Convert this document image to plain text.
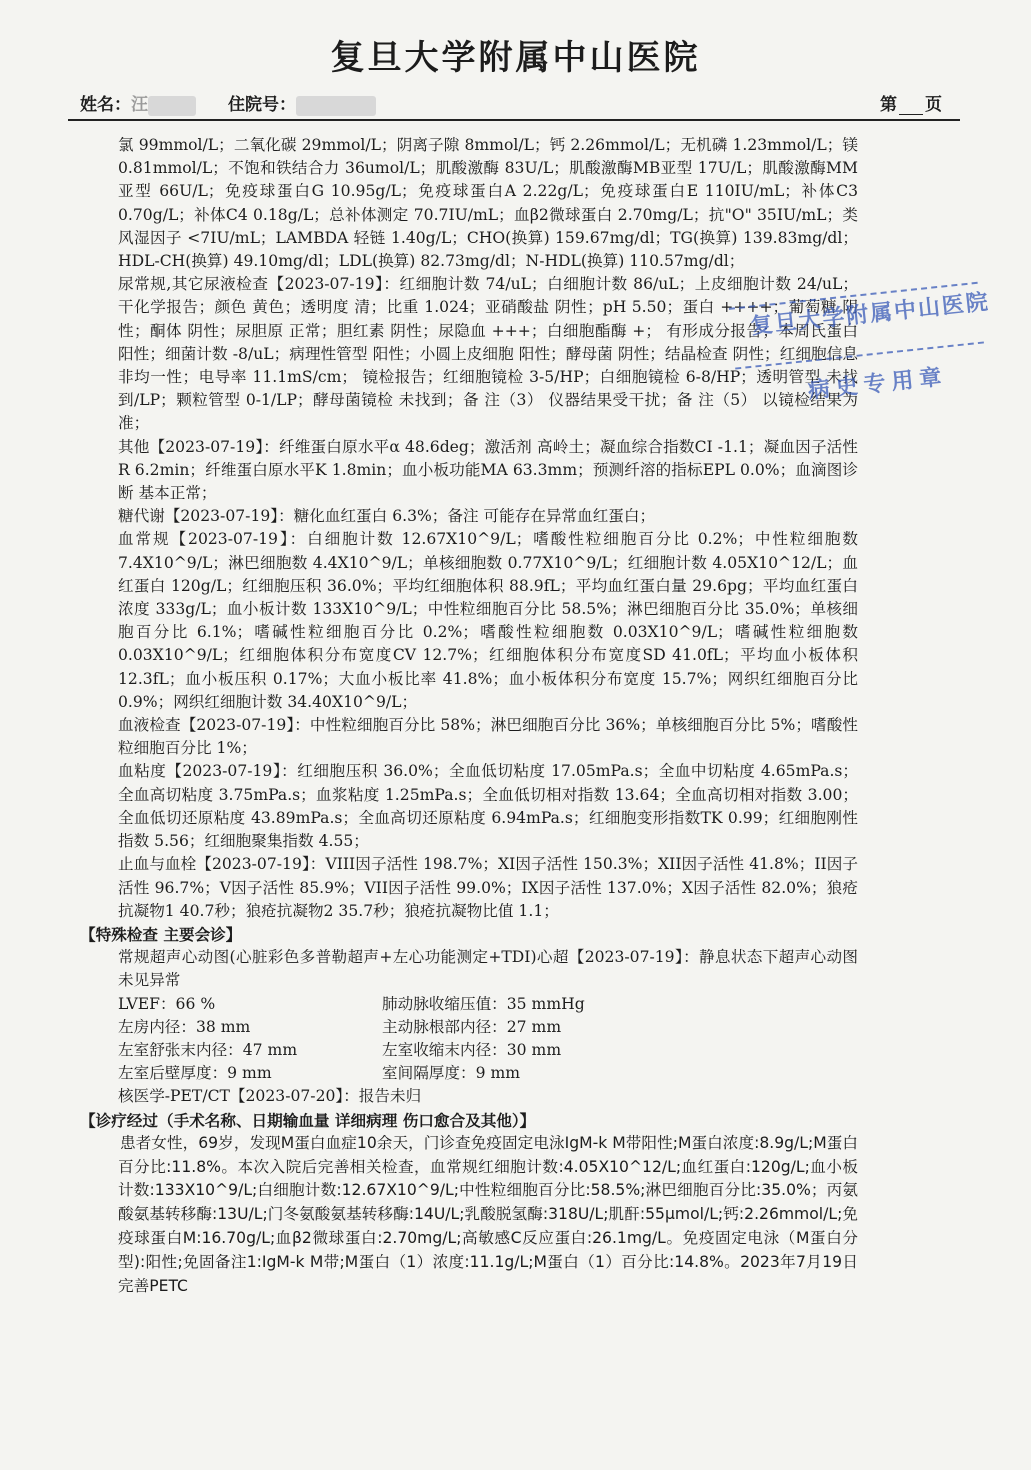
复旦大学附属中山医院
姓名：汪	住院号：	第 页

氯 99mmol/L；二氧化碳 29mmol/L；阴离子隙 8mmol/L；钙 2.26mmol/L；无机磷 1.23mmol/L；镁 0.81mmol/L；不饱和铁结合力 36umol/L；肌酸激酶 83U/L；肌酸激酶MB亚型 17U/L；肌酸激酶MM亚型 66U/L；免疫球蛋白G 10.95g/L；免疫球蛋白A 2.22g/L；免疫球蛋白E 110IU/mL；补体C3 0.70g/L；补体C4 0.18g/L；总补体测定 70.7IU/mL；血β2微球蛋白 2.70mg/L；抗"O" 35IU/mL；类风湿因子 <7IU/mL；LAMBDA 轻链 1.40g/L；CHO(换算) 159.67mg/dl；TG(换算) 139.83mg/dl；HDL-CH(换算) 49.10mg/dl；LDL(换算) 82.73mg/dl；N-HDL(换算) 110.57mg/dl；

尿常规,其它尿液检查【2023-07-19】：红细胞计数 74/uL；白细胞计数 86/uL；上皮细胞计数 24/uL； 干化学报告；颜色 黄色；透明度 清；比重 1.024；亚硝酸盐 阴性；pH 5.50；蛋白 ++++；葡萄糖 阴性；酮体 阴性；尿胆原 正常；胆红素 阴性；尿隐血 +++；白细胞酯酶 +； 有形成分报告；本周氏蛋白 阳性；细菌计数 -8/uL；病理性管型 阳性；小圆上皮细胞 阳性；酵母菌 阴性；结晶检查 阴性；红细胞信息 非均一性；电导率 11.1mS/cm； 镜检报告；红细胞镜检 3-5/HP；白细胞镜检 6-8/HP；透明管型 未找到/LP；颗粒管型 0-1/LP；酵母菌镜检 未找到；备 注（3） 仪器结果受干扰；备 注（5） 以镜检结果为准；

其他【2023-07-19】：纤维蛋白原水平α 48.6deg；激活剂 高岭土；凝血综合指数CI -1.1；凝血因子活性R 6.2min；纤维蛋白原水平K 1.8min；血小板功能MA 63.3mm；预测纤溶的指标EPL 0.0%；血滴图诊断 基本正常；

糖代谢【2023-07-19】：糖化血红蛋白 6.3%；备注 可能存在异常血红蛋白；

血常规【2023-07-19】：白细胞计数 12.67X10^9/L；嗜酸性粒细胞百分比 0.2%；中性粒细胞数 7.4X10^9/L；淋巴细胞数 4.4X10^9/L；单核细胞数 0.77X10^9/L；红细胞计数 4.05X10^12/L；血红蛋白 120g/L；红细胞压积 36.0%；平均红细胞体积 88.9fL；平均血红蛋白量 29.6pg；平均血红蛋白浓度 333g/L；血小板计数 133X10^9/L；中性粒细胞百分比 58.5%；淋巴细胞百分比 35.0%；单核细胞百分比 6.1%；嗜碱性粒细胞百分比 0.2%；嗜酸性粒细胞数 0.03X10^9/L；嗜碱性粒细胞数 0.03X10^9/L；红细胞体积分布宽度CV 12.7%；红细胞体积分布宽度SD 41.0fL；平均血小板体积 12.3fL；血小板压积 0.17%；大血小板比率 41.8%；血小板体积分布宽度 15.7%；网织红细胞百分比 0.9%；网织红细胞计数 34.40X10^9/L；

血液检查【2023-07-19】：中性粒细胞百分比 58%；淋巴细胞百分比 36%；单核细胞百分比 5%；嗜酸性粒细胞百分比 1%；

血粘度【2023-07-19】：红细胞压积 36.0%；全血低切粘度 17.05mPa.s；全血中切粘度 4.65mPa.s；全血高切粘度 3.75mPa.s；血浆粘度 1.25mPa.s；全血低切相对指数 13.64；全血高切相对指数 3.00；全血低切还原粘度 43.89mPa.s；全血高切还原粘度 6.94mPa.s；红细胞变形指数TK 0.99；红细胞刚性指数 5.56；红细胞聚集指数 4.55；

止血与血栓【2023-07-19】：VIII因子活性 198.7%；XI因子活性 150.3%；XII因子活性 41.8%；II因子活性 96.7%；V因子活性 85.9%；VII因子活性 99.0%；IX因子活性 137.0%；X因子活性 82.0%；狼疮抗凝物1 40.7秒；狼疮抗凝物2 35.7秒；狼疮抗凝物比值 1.1；

【特殊检查 主要会诊】

常规超声心动图(心脏彩色多普勒超声+左心功能测定+TDI)心超【2023-07-19】：静息状态下超声心动图未见异常

LVEF：66 %	肺动脉收缩压值：35 mmHg
左房内径：38 mm	主动脉根部内径：27 mm
左室舒张末内径：47 mm	左室收缩末内径：30 mm
左室后壁厚度：9 mm	室间隔厚度：9 mm

核医学-PET/CT【2023-07-20】：报告未归

【诊疗经过（手术名称、日期输血量 详细病理 伤口愈合及其他）】

患者女性，69岁，发现M蛋白血症10余天，门诊查免疫固定电泳IgM-k M带阳性;M蛋白浓度:8.9g/L;M蛋白百分比:11.8%。本次入院后完善相关检查，血常规红细胞计数:4.05X10^12/L;血红蛋白:120g/L;血小板计数:133X10^9/L;白细胞计数:12.67X10^9/L;中性粒细胞百分比:58.5%;淋巴细胞百分比:35.0%；丙氨酸氨基转移酶:13U/L;门冬氨酸氨基转移酶:14U/L;乳酸脱氢酶:318U/L;肌酐:55μmol/L;钙:2.26mmol/L;免疫球蛋白M:16.70g/L;血β2微球蛋白:2.70mg/L;高敏感C反应蛋白:26.1mg/L。免疫固定电泳（M蛋白分型):阳性;免固备注1:IgM-k M带;M蛋白（1）浓度:11.1g/L;M蛋白（1）百分比:14.8%。2023年7月19日完善PETC

复旦大学附属中山医院
病史专用章
